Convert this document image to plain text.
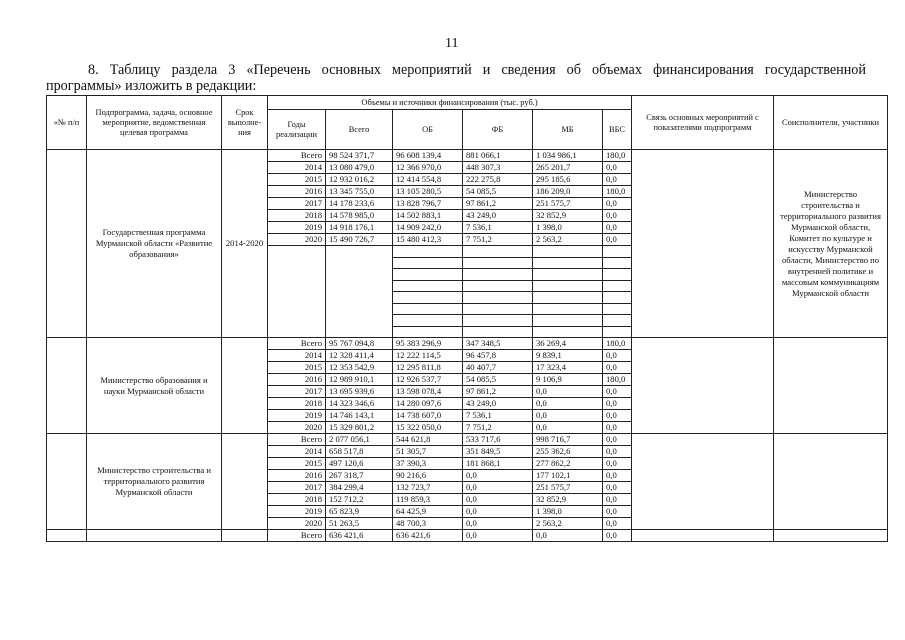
11
8. Таблицу раздела 3 «Перечень основных мероприятий и сведения об объемах финансирования государственной
программы» изложить в редакции:
«№ п/п	Подпрограмма, задача, основное мероприятие, ведомственная целевая программа	Срок выполне-ния	Объемы и источники финансирования (тыс. руб.)						Связь основных мероприятий с показателями подпрограмм	Соисполнители, участники
			Годы реализации	Всего	ОБ	ФБ	МБ	ВБС		
	Государственная программа Мурманской области «Развитие образования»	2014-2020	Всего	98 524 371,7	96 608 139,4	881 066,1	1 034 986,1	180,0		Министерство строительства и территориального развития Мурманской области, Комитет по культуре и искусству Мурманской области, Министерство по внутренней политике и массовым коммуникациям Мурманской области
			2014	13 080 479,0	12 366 970,0	448 307,3	265 201,7	0,0		
			2015	12 932 016,2	12 414 554,8	222 275,8	295 185,6	0,0		
			2016	13 345 755,0	13 105 280,5	54 085,5	186 209,0	180,0		
			2017	14 178 233,6	13 828 796,7	97 861,2	251 575,7	0,0		
			2018	14 578 985,0	14 502 883,1	43 249,0	32 852,9	0,0		
			2019	14 918 176,1	14 909 242,0	7 536,1	1 398,0	0,0		
			2020	15 490 726,7	15 480 412,3	7 751,2	2 563,2	0,0		

	Министерство образования и науки Мурманской области		Всего	95 767 094,8	95 383 296,9	347 348,5	36 269,4	180,0		
			2014	12 328 411,4	12 222 114,5	96 457,8	9 839,1	0,0		
			2015	12 353 542,9	12 295 811,8	40 407,7	17 323,4	0,0		
			2016	12 989 910,1	12 926 537,7	54 085,5	9 106,9	180,0		
			2017	13 695 939,6	13 598 078,4	97 861,2	0,0	0,0		
			2018	14 323 346,6	14 280 097,6	43 249,0	0,0	0,0		
			2019	14 746 143,1	14 738 607,0	7 536,1	0,0	0,0		
			2020	15 329 801,2	15 322 050,0	7 751,2	0,0	0,0		
	Министерство строительства и территориального развития Мурманской области		Всего	2 077 056,1	544 621,8	533 717,6	998 716,7	0,0		
			2014	658 517,8	51 305,7	351 849,5	255 362,6	0,0		
			2015	497 120,6	37 390,3	181 868,1	277 862,2	0,0		
			2016	267 318,7	90 216,6	0,0	177 102,1	0,0		
			2017	384 299,4	132 723,7	0,0	251 575,7	0,0		
			2018	152 712,2	119 859,3	0,0	32 852,9	0,0		
			2019	65 823,9	64 425,9	0,0	1 398,0	0,0		
			2020	51 263,5	48 700,3	0,0	2 563,2	0,0		
			Всего	636 421,6	636 421,6	0,0	0,0	0,0		
